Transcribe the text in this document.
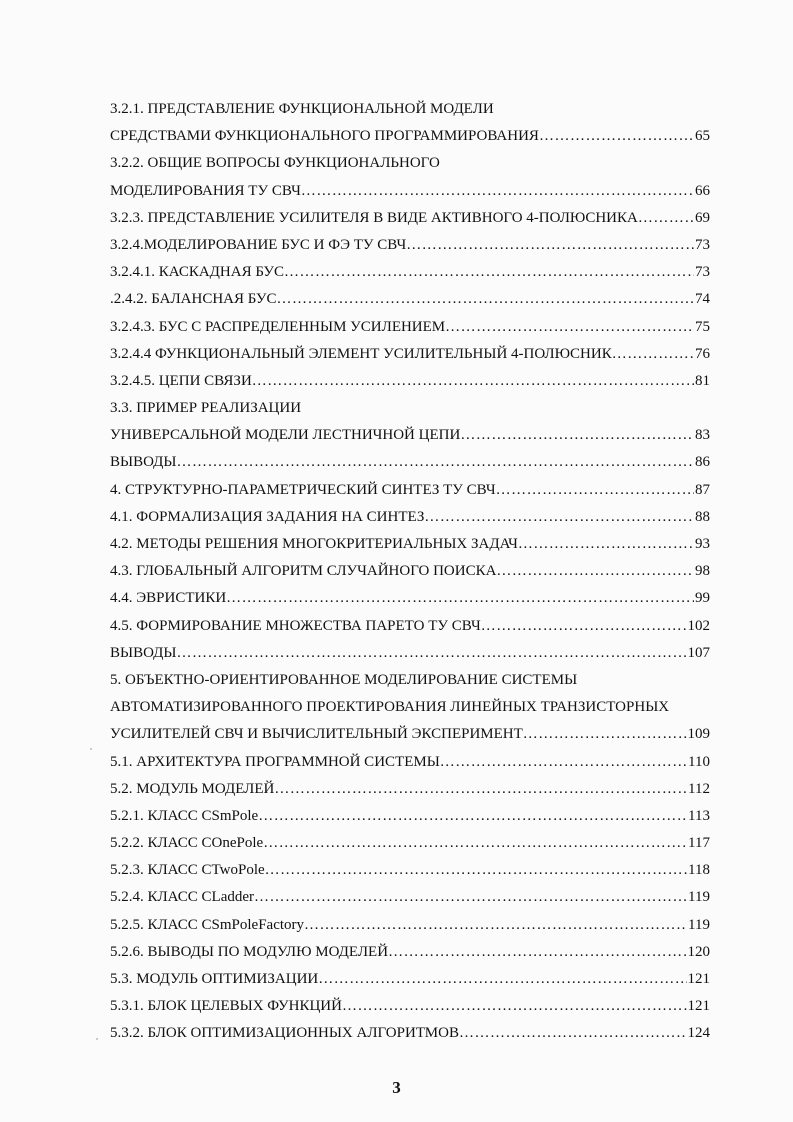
3.2.1. ПРЕДСТАВЛЕНИЕ ФУНКЦИОНАЛЬНОЙ МОДЕЛИ
СРЕДСТВАМИ ФУНКЦИОНАЛЬНОГО ПРОГРАММИРОВАНИЯ …………………………………………………………………………………………………………………………………………………………………………………………………………	65
3.2.2. ОБЩИЕ ВОПРОСЫ ФУНКЦИОНАЛЬНОГО
МОДЕЛИРОВАНИЯ ТУ СВЧ …………………………………………………………………………………………………………………………………………………………………………………………………………	66
3.2.3. ПРЕДСТАВЛЕНИЕ УСИЛИТЕЛЯ В ВИДЕ АКТИВНОГО 4-ПОЛЮСНИКА …………………………………………………………………………………………………………………………………………………………………………………………………………	69
3.2.4.МОДЕЛИРОВАНИЕ БУС И ФЭ ТУ СВЧ …………………………………………………………………………………………………………………………………………………………………………………………………………	73
3.2.4.1. КАСКАДНАЯ БУС …………………………………………………………………………………………………………………………………………………………………………………………………………	73
.2.4.2. БАЛАНСНАЯ БУС …………………………………………………………………………………………………………………………………………………………………………………………………………	74
3.2.4.3. БУС С РАСПРЕДЕЛЕННЫМ УСИЛЕНИЕМ …………………………………………………………………………………………………………………………………………………………………………………………………………	75
3.2.4.4 ФУНКЦИОНАЛЬНЫЙ ЭЛЕМЕНТ УСИЛИТЕЛЬНЫЙ 4-ПОЛЮСНИК …………………………………………………………………………………………………………………………………………………………………………………………………………	76
3.2.4.5. ЦЕПИ СВЯЗИ …………………………………………………………………………………………………………………………………………………………………………………………………………	81
3.3. ПРИМЕР РЕАЛИЗАЦИИ
УНИВЕРСАЛЬНОЙ МОДЕЛИ ЛЕСТНИЧНОЙ ЦЕПИ …………………………………………………………………………………………………………………………………………………………………………………………………………	83
ВЫВОДЫ …………………………………………………………………………………………………………………………………………………………………………………………………………	86
4. СТРУКТУРНО-ПАРАМЕТРИЧЕСКИЙ СИНТЕЗ ТУ СВЧ …………………………………………………………………………………………………………………………………………………………………………………………………………	87
4.1. ФОРМАЛИЗАЦИЯ ЗАДАНИЯ НА СИНТЕЗ …………………………………………………………………………………………………………………………………………………………………………………………………………	88
4.2. МЕТОДЫ РЕШЕНИЯ МНОГОКРИТЕРИАЛЬНЫХ ЗАДАЧ …………………………………………………………………………………………………………………………………………………………………………………………………………	93
4.3. ГЛОБАЛЬНЫЙ АЛГОРИТМ СЛУЧАЙНОГО ПОИСКА …………………………………………………………………………………………………………………………………………………………………………………………………………	98
4.4. ЭВРИСТИКИ …………………………………………………………………………………………………………………………………………………………………………………………………………	99
4.5. ФОРМИРОВАНИЕ МНОЖЕСТВА ПАРЕТО ТУ СВЧ …………………………………………………………………………………………………………………………………………………………………………………………………………	102
ВЫВОДЫ …………………………………………………………………………………………………………………………………………………………………………………………………………	107
5. ОБЪЕКТНО-ОРИЕНТИРОВАННОЕ МОДЕЛИРОВАНИЕ СИСТЕМЫ
АВТОМАТИЗИРОВАННОГО ПРОЕКТИРОВАНИЯ ЛИНЕЙНЫХ ТРАНЗИСТОРНЫХ
УСИЛИТЕЛЕЙ СВЧ И ВЫЧИСЛИТЕЛЬНЫЙ ЭКСПЕРИМЕНТ …………………………………………………………………………………………………………………………………………………………………………………………………………	109
5.1. АРХИТЕКТУРА ПРОГРАММНОЙ СИСТЕМЫ …………………………………………………………………………………………………………………………………………………………………………………………………………	110
5.2. МОДУЛЬ МОДЕЛЕЙ …………………………………………………………………………………………………………………………………………………………………………………………………………	112
5.2.1. КЛАСС CSmPole …………………………………………………………………………………………………………………………………………………………………………………………………………	113
5.2.2. КЛАСС COnePole …………………………………………………………………………………………………………………………………………………………………………………………………………	117
5.2.3. КЛАСС CTwoPole …………………………………………………………………………………………………………………………………………………………………………………………………………	118
5.2.4. КЛАСС CLadder …………………………………………………………………………………………………………………………………………………………………………………………………………	119
5.2.5. КЛАСС CSmPoleFactory …………………………………………………………………………………………………………………………………………………………………………………………………………	119
5.2.6. ВЫВОДЫ ПО МОДУЛЮ МОДЕЛЕЙ …………………………………………………………………………………………………………………………………………………………………………………………………………	120
5.3. МОДУЛЬ ОПТИМИЗАЦИИ …………………………………………………………………………………………………………………………………………………………………………………………………………	121
5.3.1. БЛОК ЦЕЛЕВЫХ ФУНКЦИЙ …………………………………………………………………………………………………………………………………………………………………………………………………………	121
5.3.2. БЛОК ОПТИМИЗАЦИОННЫХ АЛГОРИТМОВ …………………………………………………………………………………………………………………………………………………………………………………………………………	124
3
